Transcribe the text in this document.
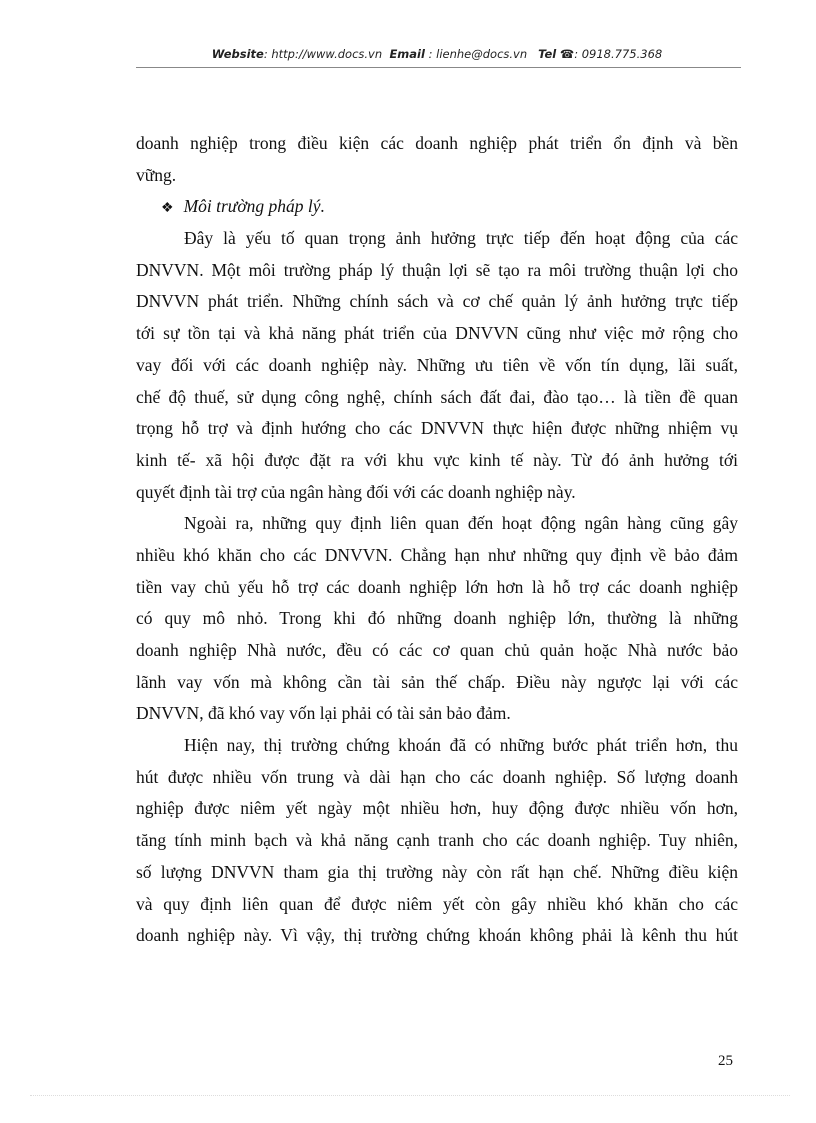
Website: http://www.docs.vn Email : lienhe@docs.vn Tel ☎: 0918.775.368
doanh nghiệp trong điều kiện các doanh nghiệp phát triển ổn định và bền
vững.
❖ Môi trường pháp lý.
Đây là yếu tố quan trọng ảnh hưởng trực tiếp đến hoạt động của các
DNVVN. Một môi trường pháp lý thuận lợi sẽ tạo ra môi trường thuận lợi cho
DNVVN phát triển. Những chính sách và cơ chế quản lý ảnh hưởng trực tiếp
tới sự tồn tại và khả năng phát triển của DNVVN cũng như việc mở rộng cho
vay đối với các doanh nghiệp này. Những ưu tiên về vốn tín dụng, lãi suất,
chế độ thuế, sử dụng công nghệ, chính sách đất đai, đào tạo… là tiền đề quan
trọng hỗ trợ và định hướng cho các DNVVN thực hiện được những nhiệm vụ
kinh tế- xã hội được đặt ra với khu vực kinh tế này. Từ đó ảnh hưởng tới
quyết định tài trợ của ngân hàng đối với các doanh nghiệp này.
Ngoài ra, những quy định liên quan đến hoạt động ngân hàng cũng gây
nhiều khó khăn cho các DNVVN. Chẳng hạn như những quy định về bảo đảm
tiền vay chủ yếu hỗ trợ các doanh nghiệp lớn hơn là hỗ trợ các doanh nghiệp
có quy mô nhỏ. Trong khi đó những doanh nghiệp lớn, thường là những
doanh nghiệp Nhà nước, đều có các cơ quan chủ quản hoặc Nhà nước bảo
lãnh vay vốn mà không cần tài sản thế chấp. Điều này ngược lại với các
DNVVN, đã khó vay vốn lại phải có tài sản bảo đảm.
Hiện nay, thị trường chứng khoán đã có những bước phát triển hơn, thu
hút được nhiều vốn trung và dài hạn cho các doanh nghiệp. Số lượng doanh
nghiệp được niêm yết ngày một nhiều hơn, huy động được nhiều vốn hơn,
tăng tính minh bạch và khả năng cạnh tranh cho các doanh nghiệp. Tuy nhiên,
số lượng DNVVN tham gia thị trường này còn rất hạn chế. Những điều kiện
và quy định liên quan để được niêm yết còn gây nhiều khó khăn cho các
doanh nghiệp này. Vì vậy, thị trường chứng khoán không phải là kênh thu hút
25
